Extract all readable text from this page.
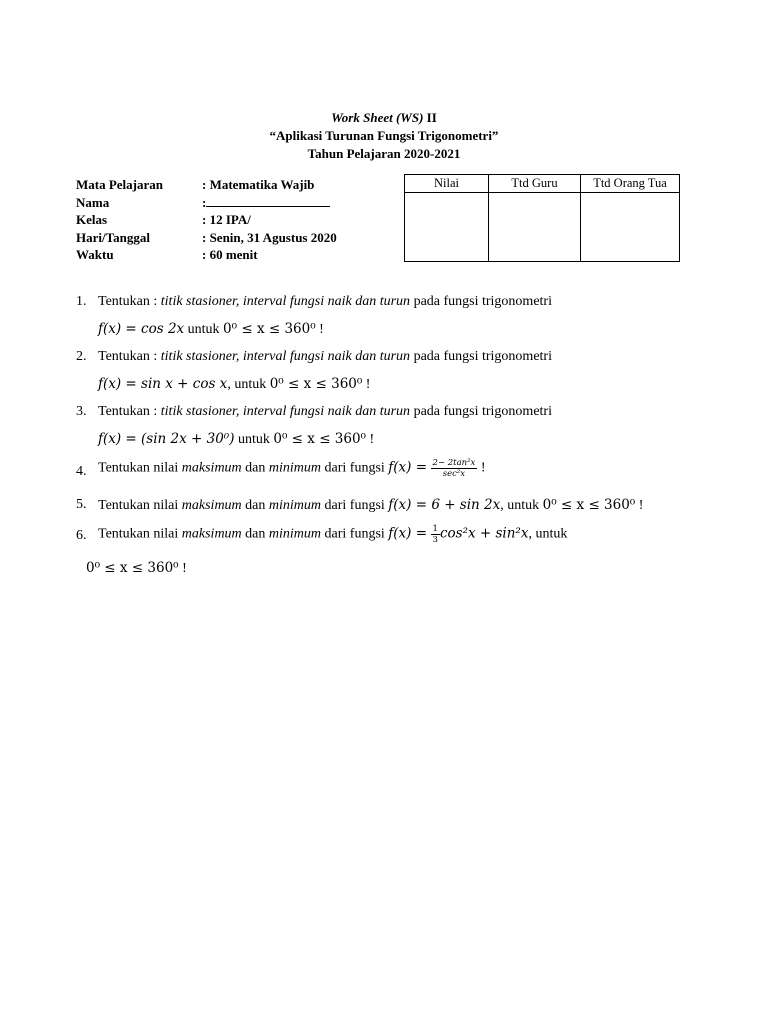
Work Sheet (WS) II
“Aplikasi Turunan Fungsi Trigonometri”
Tahun Pelajaran 2020-2021
Mata Pelajaran	: Matematika Wajib
Nama	:
Kelas	: 12 IPA/
Hari/Tanggal	: Senin, 31 Agustus 2020
Waktu	: 60 menit
Nilai	Ttd Guru	Ttd Orang Tua

1. Tentukan : titik stasioner, interval fungsi naik dan turun pada fungsi trigonometri
f(x) = cos 2x untuk 0⁰ ≤ x ≤ 360⁰ !
2. Tentukan : titik stasioner, interval fungsi naik dan turun pada fungsi trigonometri
f(x) = sin x + cos x, untuk 0⁰ ≤ x ≤ 360⁰ !
3. Tentukan : titik stasioner, interval fungsi naik dan turun pada fungsi trigonometri
f(x) = (sin 2x + 30⁰) untuk 0⁰ ≤ x ≤ 360⁰ !
4. Tentukan nilai maksimum dan minimum dari fungsi $f(x) = \frac{\text{2− 2tan²x}}{\text{sec²x}}$ !
5. Tentukan nilai maksimum dan minimum dari fungsi f(x) = 6 + sin 2x, untuk 0⁰ ≤ x ≤ 360⁰ !
6. Tentukan nilai maksimum dan minimum dari fungsi $f(x) = \frac{1}{3} \cos^2x + \sin^2x$, untuk
0⁰ ≤ x ≤ 360⁰ !
